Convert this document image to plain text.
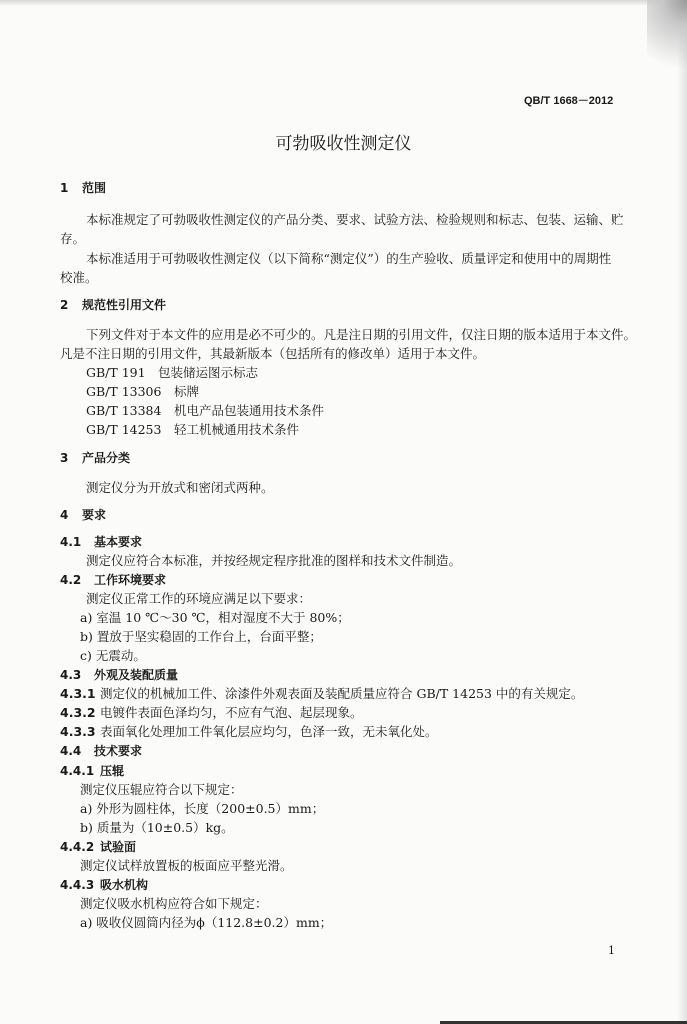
QB/T 1668－2012
可勃吸收性测定仪
1 范围
本标准规定了可勃吸收性测定仪的产品分类、要求、试验方法、检验规则和标志、包装、运输、贮
存。
本标准适用于可勃吸收性测定仪（以下简称“测定仪”）的生产验收、质量评定和使用中的周期性
校准。
2 规范性引用文件
下列文件对于本文件的应用是必不可少的。凡是注日期的引用文件，仅注日期的版本适用于本文件。
凡是不注日期的引用文件，其最新版本（包括所有的修改单）适用于本文件。
GB/T 191　包装储运图示标志
GB/T 13306　标牌
GB/T 13384　机电产品包装通用技术条件
GB/T 14253　轻工机械通用技术条件
3 产品分类
测定仪分为开放式和密闭式两种。
4 要求
4.1 基本要求
测定仪应符合本标准，并按经规定程序批准的图样和技术文件制造。
4.2 工作环境要求
测定仪正常工作的环境应满足以下要求：
a) 室温 10 ℃～30 ℃，相对湿度不大于 80%；
b) 置放于坚实稳固的工作台上，台面平整；
c) 无震动。
4.3 外观及装配质量
4.3.1 测定仪的机械加工件、涂漆件外观表面及装配质量应符合 GB/T 14253 中的有关规定。
4.3.2 电镀件表面色泽均匀，不应有气泡、起层现象。
4.3.3 表面氧化处理加工件氧化层应均匀，色泽一致，无未氧化处。
4.4 技术要求
4.4.1 压辊
测定仪压辊应符合以下规定：
a) 外形为圆柱体，长度（200±0.5）mm；
b) 质量为（10±0.5）kg。
4.4.2 试验面
测定仪试样放置板的板面应平整光滑。
4.4.3 吸水机构
测定仪吸水机构应符合如下规定：
a) 吸收仪圆筒内径为ϕ（112.8±0.2）mm；
1
